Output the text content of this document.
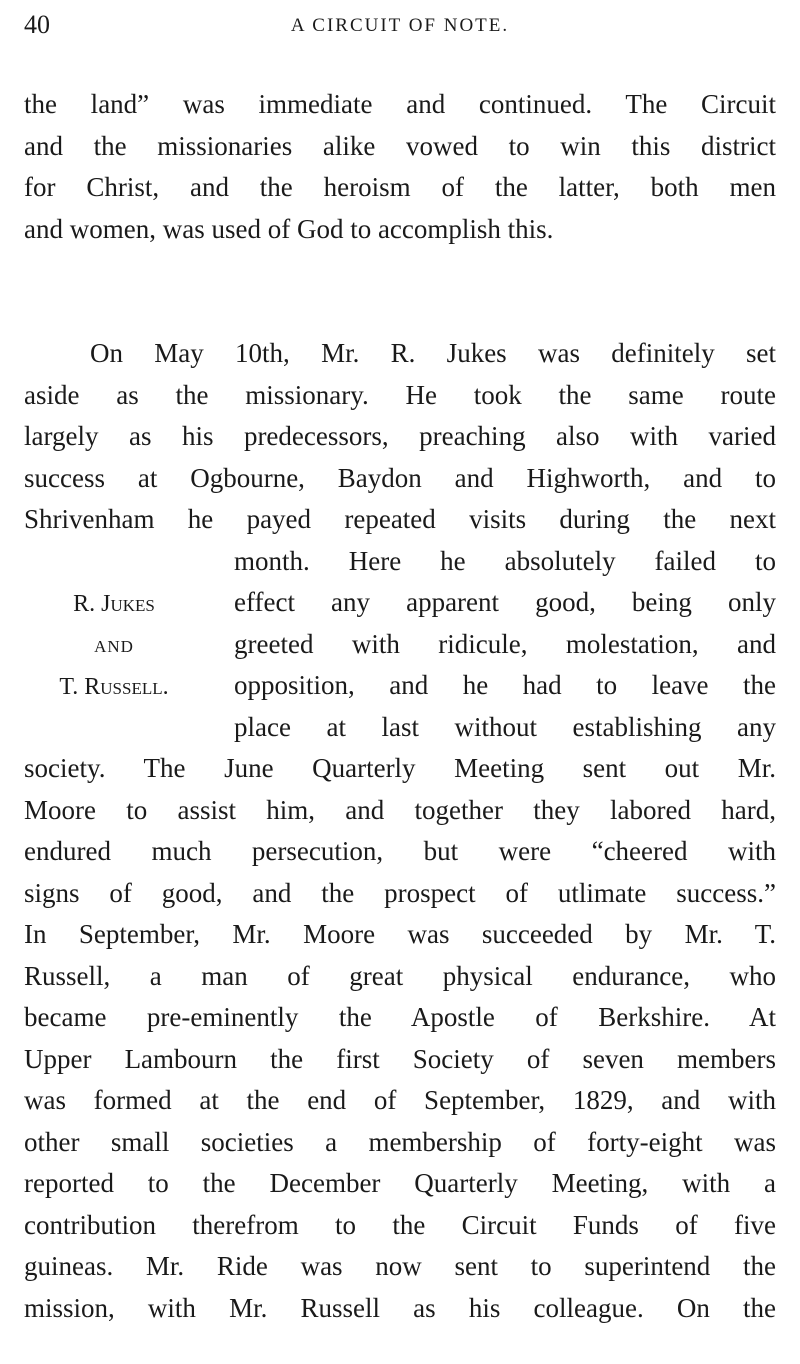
40	A CIRCUIT OF NOTE.
the land” was immediate and continued. The Circuit
and the missionaries alike vowed to win this district
for Christ, and the heroism of the latter, both men
and women, was used of God to accomplish this.
On May 10th, Mr. R. Jukes was definitely set
aside as the missionary. He took the same route
largely as his predecessors, preaching also with varied
success at Ogbourne, Baydon and Highworth, and to
Shrivenham he payed repeated visits during the next
month. Here he absolutely failed to
effect any apparent good, being only
greeted with ridicule, molestation, and
opposition, and he had to leave the
place at last without establishing any
society. The June Quarterly Meeting sent out Mr.
Moore to assist him, and together they labored hard,
endured much persecution, but were “cheered with
signs of good, and the prospect of utlimate success.”
In September, Mr. Moore was succeeded by Mr. T.
Russell, a man of great physical endurance, who
became pre-eminently the Apostle of Berkshire. At
Upper Lambourn the first Society of seven members
was formed at the end of September, 1829, and with
other small societies a membership of forty-eight was
reported to the December Quarterly Meeting, with a
contribution therefrom to the Circuit Funds of five
guineas. Mr. Ride was now sent to superintend the
mission, with Mr. Russell as his colleague. On the
R. Jukes
AND
T. Russell.
